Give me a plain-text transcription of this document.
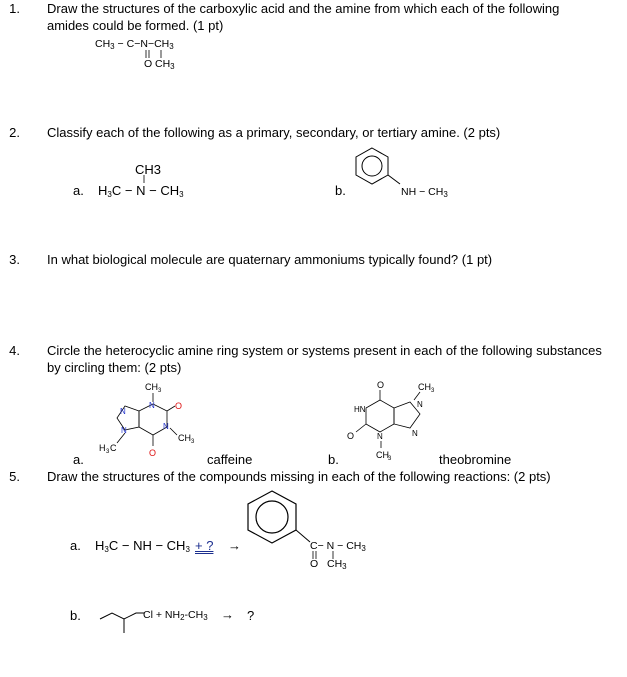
1. Draw the structures of the carboxylic acid and the amine from which each of the following
amides could be formed. (1 pt)
$CH_3 - C-N-CH_3$
O $CH_3$
2. Classify each of the following as a primary, secondary, or tertiary amine. (2 pts)
a.
CH3
$H_3C - N - CH_3$	b.	NH − $CH_3$
3. In what biological molecule are quaternary ammoniums typically found? (1 pt)
4. Circle the heterocyclic amine ring system or systems present in each of the following substances
by circling them: (2 pts)
CH 3
N
N
N
N
O
O
CH 3
H 3 C
CH 3
O
HN
N
N
N
O
CH 3
a.	caffeine	b.	theobromine
5. Draw the structures of the compounds missing in each of the following reactions: (2 pts)
a. $H_3C$ − NH − $CH_3$ + ? →	$C- N - CH_3$
O $CH_3$
b.	$Cl + NH_2-CH_3$ → ?
